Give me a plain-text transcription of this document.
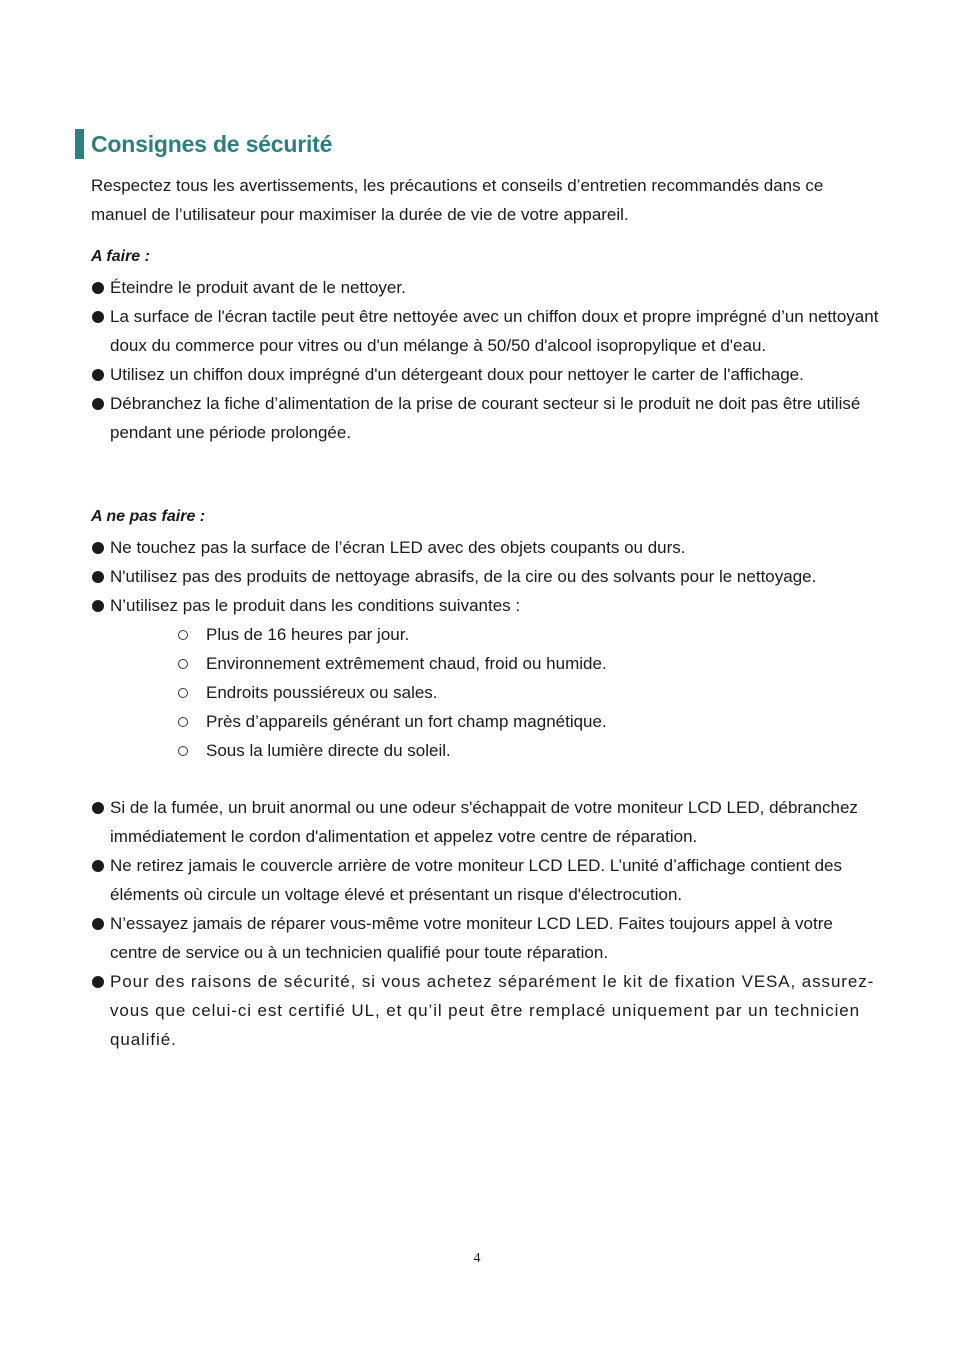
Consignes de sécurité
Respectez tous les avertissements, les précautions et conseils d’entretien recommandés dans ce manuel de l’utilisateur pour maximiser la durée de vie de votre appareil.
A faire :
Éteindre le produit avant de le nettoyer.
La surface de l'écran tactile peut être nettoyée avec un chiffon doux et propre imprégné d’un nettoyant doux du commerce pour vitres ou d'un mélange à 50/50 d'alcool isopropylique et d'eau.
Utilisez un chiffon doux imprégné d'un détergeant doux pour nettoyer le carter de l'affichage.
Débranchez la fiche d’alimentation de la prise de courant secteur si le produit ne doit pas être utilisé pendant une période prolongée.
A ne pas faire :
Ne touchez pas la surface de l’écran LED avec des objets coupants ou durs.
N'utilisez pas des produits de nettoyage abrasifs, de la cire ou des solvants pour le nettoyage.
N’utilisez pas le produit dans les conditions suivantes :
Plus de 16 heures par jour.
Environnement extrêmement chaud, froid ou humide.
Endroits poussiéreux ou sales.
Près d’appareils générant un fort champ magnétique.
Sous la lumière directe du soleil.
Si de la fumée, un bruit anormal ou une odeur s'échappait de votre moniteur LCD LED, débranchez immédiatement le cordon d'alimentation et appelez votre centre de réparation.
Ne retirez jamais le couvercle arrière de votre moniteur LCD LED. L’unité d’affichage contient des éléments où circule un voltage élevé et présentant un risque d'électrocution.
N’essayez jamais de réparer vous-même votre moniteur LCD LED. Faites toujours appel à votre centre de service ou à un technicien qualifié pour toute réparation.
Pour des raisons de sécurité, si vous achetez séparément le kit de fixation VESA, assurez-vous que celui-ci est certifié UL, et qu’il peut être remplacé uniquement par un technicien qualifié.
4
